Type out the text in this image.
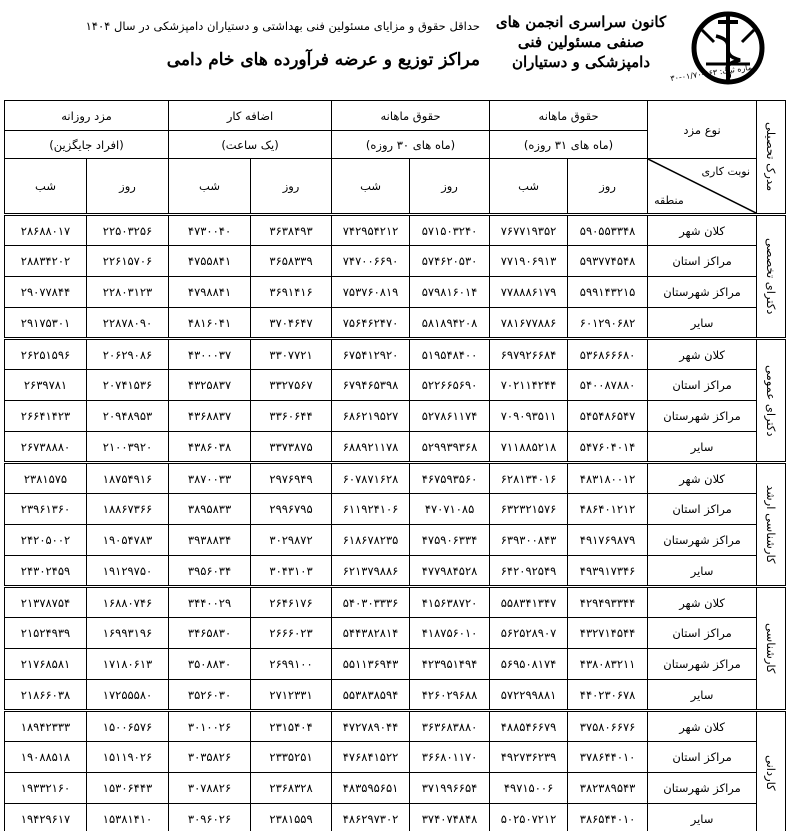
کانون سراسری انجمن های
صنفی مسئولین فنی
دامپزشکی و دستیاران
شماره ثبت: ۵۶۳-۰۱/۷۰-۳۰
حداقل حقوق و مزایای مسئولین فنی بهداشتی و دستیاران دامپزشکی در سال ۱۴۰۴
مراکز توزیع و عرضه فرآورده های خام دامی
مدرک تحصیلی	نوع مزد	حقوق ماهانه		حقوق ماهانه		اضافه کار		مزد روزانه	
		(ماه های ۳۱ روزه)		(ماه های ۳۰ روزه)		(یک ساعت)		(افراد جایگزین)	

	نوبت کاری
منطقه	روز	شب	روز	شب	روز	شب	روز	شب
دکترای تخصصی	کلان شهر	۵۹۰۵۵۳۳۴۸	۷۶۷۷۱۹۳۵۲	۵۷۱۵۰۳۲۴۰	۷۴۲۹۵۴۲۱۲	۳۶۳۸۴۹۳	۴۷۳۰۰۴۰	۲۲۵۰۳۲۵۶	۲۸۶۸۸۰۱۷
	مراکز استان	۵۹۳۷۷۴۵۴۸	۷۷۱۹۰۶۹۱۳	۵۷۴۶۲۰۵۳۰	۷۴۷۰۰۶۶۹۰	۳۶۵۸۳۳۹	۴۷۵۵۸۴۱	۲۲۶۱۵۷۰۶	۲۸۸۳۴۲۰۲
	مراکز شهرستان	۵۹۹۱۴۳۲۱۵	۷۷۸۸۸۶۱۷۹	۵۷۹۸۱۶۰۱۴	۷۵۳۷۶۰۸۱۹	۳۶۹۱۴۱۶	۴۷۹۸۸۴۱	۲۲۸۰۳۱۲۳	۲۹۰۷۷۸۴۴
	سایر	۶۰۱۲۹۰۶۸۲	۷۸۱۶۷۷۸۸۶	۵۸۱۸۹۴۲۰۸	۷۵۶۴۶۲۴۷۰	۳۷۰۴۶۴۷	۴۸۱۶۰۴۱	۲۲۸۷۸۰۹۰	۲۹۱۷۵۳۰۱
دکترای عمومی	کلان شهر	۵۳۶۸۶۶۶۸۰	۶۹۷۹۲۶۶۸۴	۵۱۹۵۴۸۴۰۰	۶۷۵۴۱۲۹۲۰	۳۳۰۷۷۲۱	۴۳۰۰۰۳۷	۲۰۶۲۹۰۸۶	۲۶۲۵۱۵۹۶
	مراکز استان	۵۴۰۰۸۷۸۸۰	۷۰۲۱۱۴۲۴۴	۵۲۲۶۶۵۶۹۰	۶۷۹۴۶۵۳۹۸	۳۳۲۷۵۶۷	۴۳۲۵۸۳۷	۲۰۷۴۱۵۳۶	۲۶۳۹۷۸۱
	مراکز شهرستان	۵۴۵۴۸۶۵۴۷	۷۰۹۰۹۳۵۱۱	۵۲۷۸۶۱۱۷۴	۶۸۶۲۱۹۵۲۷	۳۳۶۰۶۴۴	۴۳۶۸۸۳۷	۲۰۹۴۸۹۵۳	۲۶۶۴۱۴۲۳
	سایر	۵۴۷۶۰۴۰۱۴	۷۱۱۸۸۵۲۱۸	۵۲۹۹۳۹۳۶۸	۶۸۸۹۲۱۱۷۸	۳۳۷۳۸۷۵	۴۳۸۶۰۳۸	۲۱۰۰۳۹۲۰	۲۶۷۳۸۸۸۰
کارشناسی ارشد	کلان شهر	۴۸۳۱۸۰۰۱۲	۶۲۸۱۳۴۰۱۶	۴۶۷۵۹۳۵۶۰	۶۰۷۸۷۱۶۲۸	۲۹۷۶۹۴۹	۳۸۷۰۰۳۳	۱۸۷۵۴۹۱۶	۲۳۸۱۵۷۵
	مراکز استان	۴۸۶۴۰۱۲۱۲	۶۳۲۳۲۱۵۷۶	۴۷۰۷۱۰۸۵	۶۱۱۹۲۴۱۰۶	۲۹۹۶۷۹۵	۳۸۹۵۸۳۳	۱۸۸۶۷۳۶۶	۲۳۹۶۱۳۶۰
	مراکز شهرستان	۴۹۱۷۶۹۸۷۹	۶۳۹۳۰۰۸۴۳	۴۷۵۹۰۶۳۳۴	۶۱۸۶۷۸۲۳۵	۳۰۲۹۸۷۲	۳۹۳۸۸۳۴	۱۹۰۵۴۷۸۳	۲۴۲۰۵۰۰۲
	سایر	۴۹۳۹۱۷۳۴۶	۶۴۲۰۹۲۵۴۹	۴۷۷۹۸۴۵۲۸	۶۲۱۳۷۹۸۸۶	۳۰۴۳۱۰۳	۳۹۵۶۰۳۴	۱۹۱۲۹۷۵۰	۲۴۳۰۲۴۵۹
کارشناسی	کلان شهر	۴۲۹۴۹۳۳۴۴	۵۵۸۳۴۱۳۴۷	۴۱۵۶۳۸۷۲۰	۵۴۰۳۰۳۳۳۶	۲۶۴۶۱۷۶	۳۴۴۰۰۲۹	۱۶۸۸۰۷۴۶	۲۱۳۷۸۷۵۴
	مراکز استان	۴۳۲۷۱۴۵۴۴	۵۶۲۵۲۸۹۰۷	۴۱۸۷۵۶۰۱۰	۵۴۴۳۸۲۸۱۴	۲۶۶۶۰۲۳	۳۴۶۵۸۳۰	۱۶۹۹۳۱۹۶	۲۱۵۲۴۹۳۹
	مراکز شهرستان	۴۳۸۰۸۳۲۱۱	۵۶۹۵۰۸۱۷۴	۴۲۳۹۵۱۴۹۴	۵۵۱۱۳۶۹۴۳	۲۶۹۹۱۰۰	۳۵۰۸۸۳۰	۱۷۱۸۰۶۱۳	۲۱۷۶۸۵۸۱
	سایر	۴۴۰۲۳۰۶۷۸	۵۷۲۲۹۹۸۸۱	۴۲۶۰۲۹۶۸۸	۵۵۳۸۳۸۵۹۴	۲۷۱۲۳۳۱	۳۵۲۶۰۳۰	۱۷۲۵۵۵۸۰	۲۱۸۶۶۰۳۸
کاردانی	کلان شهر	۳۷۵۸۰۶۶۷۶	۴۸۸۵۴۶۶۷۹	۳۶۳۶۸۳۸۸۰	۴۷۲۷۸۹۰۴۴	۲۳۱۵۴۰۴	۳۰۱۰۰۲۶	۱۵۰۰۶۵۷۶	۱۸۹۴۲۳۳۳
	مراکز استان	۳۷۸۶۴۴۰۱۰	۴۹۲۷۳۶۲۳۹	۳۶۶۸۰۱۱۷۰	۴۷۶۸۴۱۵۲۲	۲۳۳۵۲۵۱	۳۰۳۵۸۲۶	۱۵۱۱۹۰۲۶	۱۹۰۸۸۵۱۸
	مراکز شهرستان	۳۸۲۳۸۹۵۴۳	۴۹۷۱۵۰۰۶	۳۷۱۹۹۶۶۵۴	۴۸۳۵۹۵۶۵۱	۲۳۶۸۳۲۸	۳۰۷۸۸۲۶	۱۵۳۰۶۴۴۳	۱۹۳۳۲۱۶۰
	سایر	۳۸۶۵۴۴۰۱۰	۵۰۲۵۰۷۲۱۲	۳۷۴۰۷۴۸۴۸	۴۸۶۲۹۷۳۰۲	۲۳۸۱۵۵۹	۳۰۹۶۰۲۶	۱۵۳۸۱۴۱۰	۱۹۴۲۹۶۱۷
